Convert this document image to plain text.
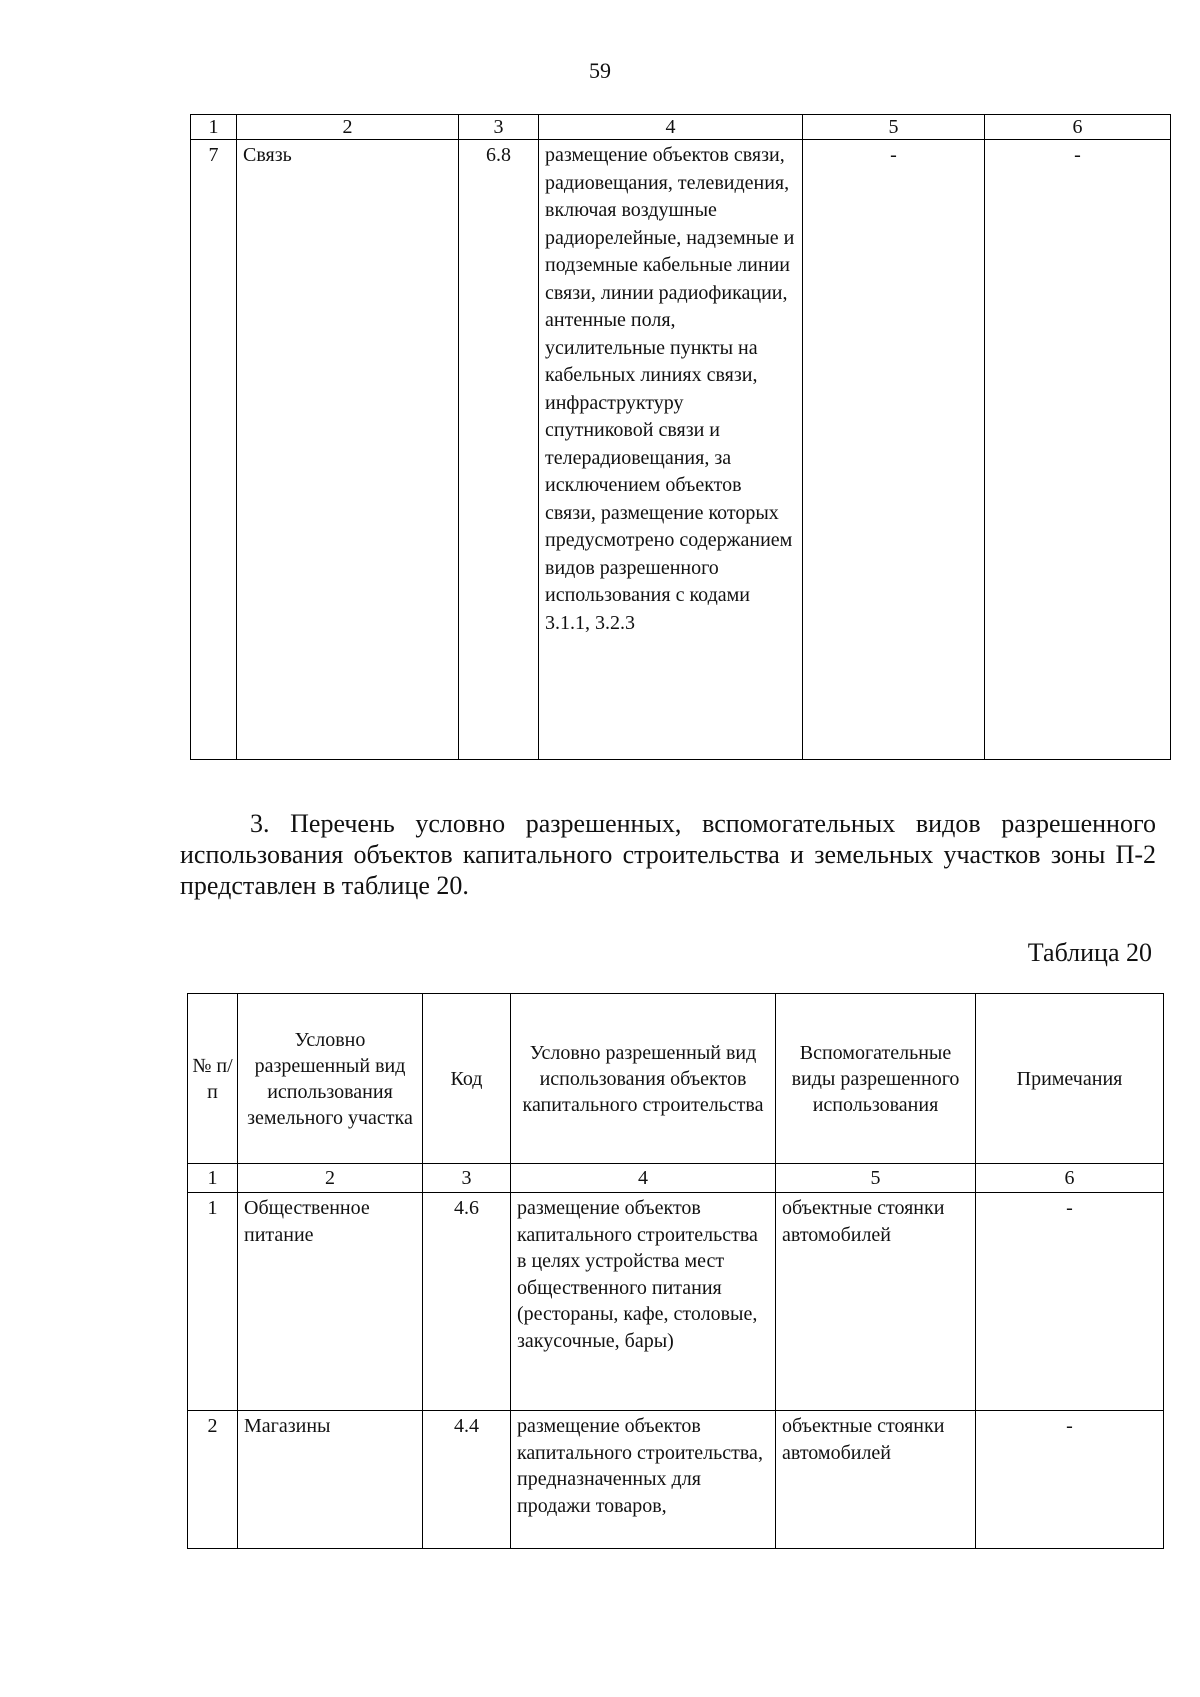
59
1	2	3	4	5	6
7	Связь	6.8	размещение объектов связи, радиовещания, телевидения, включая воздушные радиорелейные, надземные и подземные кабельные линии связи, линии радиофикации, антенные поля, усилительные пункты на кабельных линиях связи, инфраструктуру спутниковой связи и телерадиовещания, за исключением объектов связи, размещение которых предусмотрено содержанием видов разрешенного использования с кодами 3.1.1, 3.2.3	-	-

3. Перечень условно разрешенных, вспомогательных видов разрешенного использования объектов капитального строительства и земельных участков зоны П-2 представлен в таблице 20.

Таблица 20

№ п/п	Условно разрешенный вид использования земельного участка	Код	Условно разрешенный вид использования объектов капитального строительства	Вспомогательные виды разрешенного использования	Примечания
1	2	3	4	5	6
1	Общественное питание	4.6	размещение объектов капитального строительства в целях устройства мест общественного питания (рестораны, кафе, столовые, закусочные, бары)	объектные стоянки автомобилей	-
2	Магазины	4.4	размещение объектов капитального строительства, предназначенных для продажи товаров,	объектные стоянки автомобилей	-
